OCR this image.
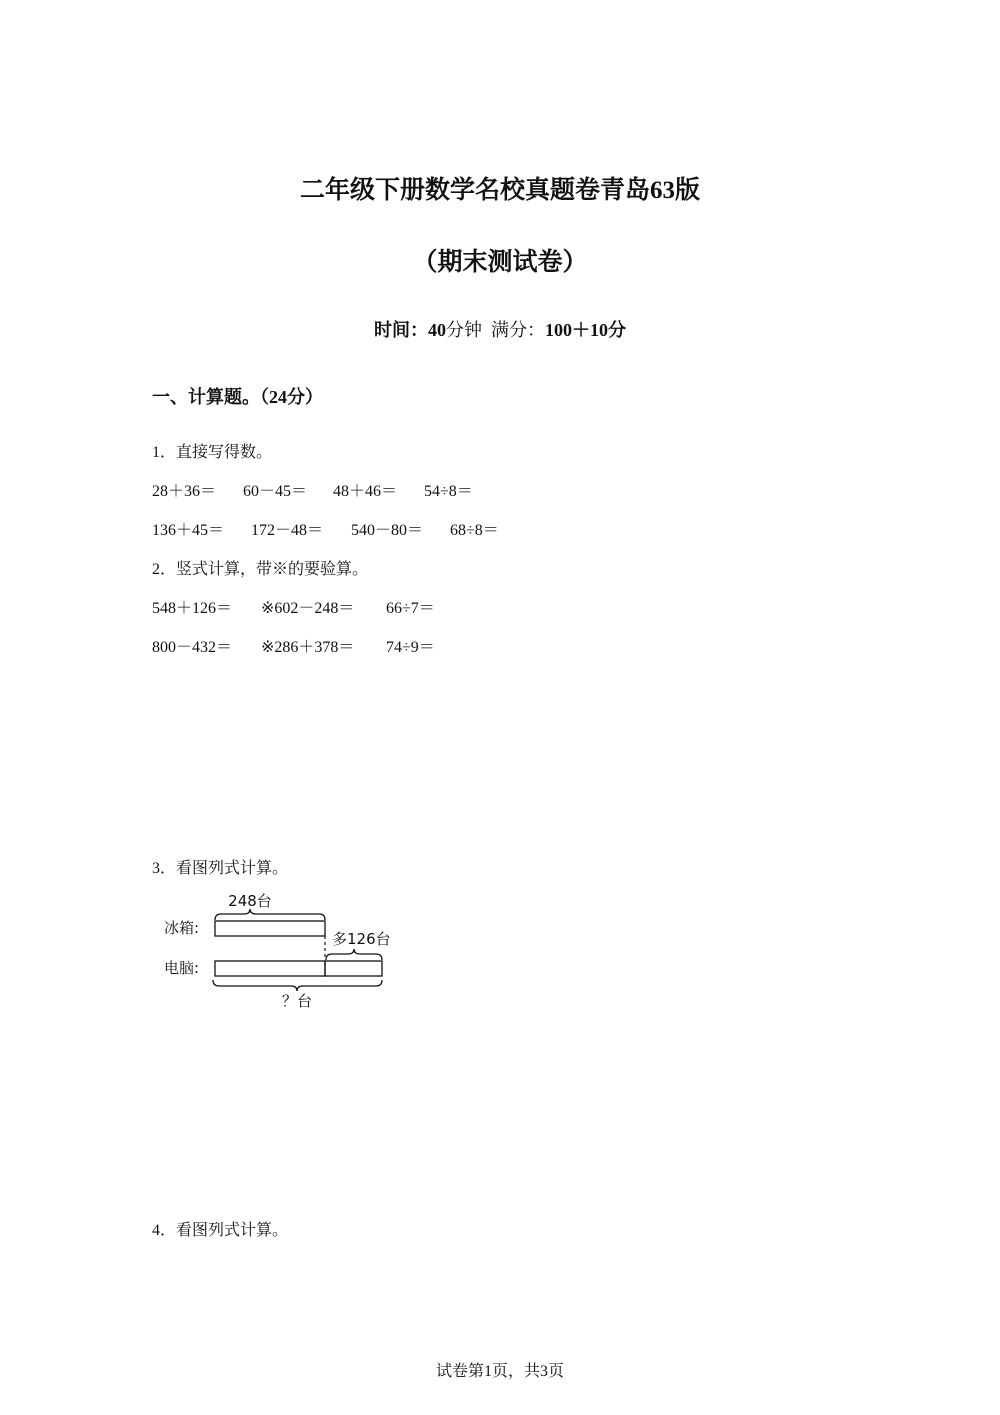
二年级下册数学名校真题卷青岛63版
（期末测试卷）
时间：40分钟 满分：100＋10分
一、计算题。（24分）
1．直接写得数。
28＋36＝ 60－45＝ 48＋46＝ 54÷8＝
136＋45＝ 172－48＝ 540－80＝ 68÷8＝
2．竖式计算，带※的要验算。
548＋126＝ ※602－248＝ 66÷7＝
800－432＝ ※286＋378＝ 74÷9＝
3．看图列式计算。
248台
冰箱:
多126台
电脑:
？台
4．看图列式计算。
试卷第1页，共3页
